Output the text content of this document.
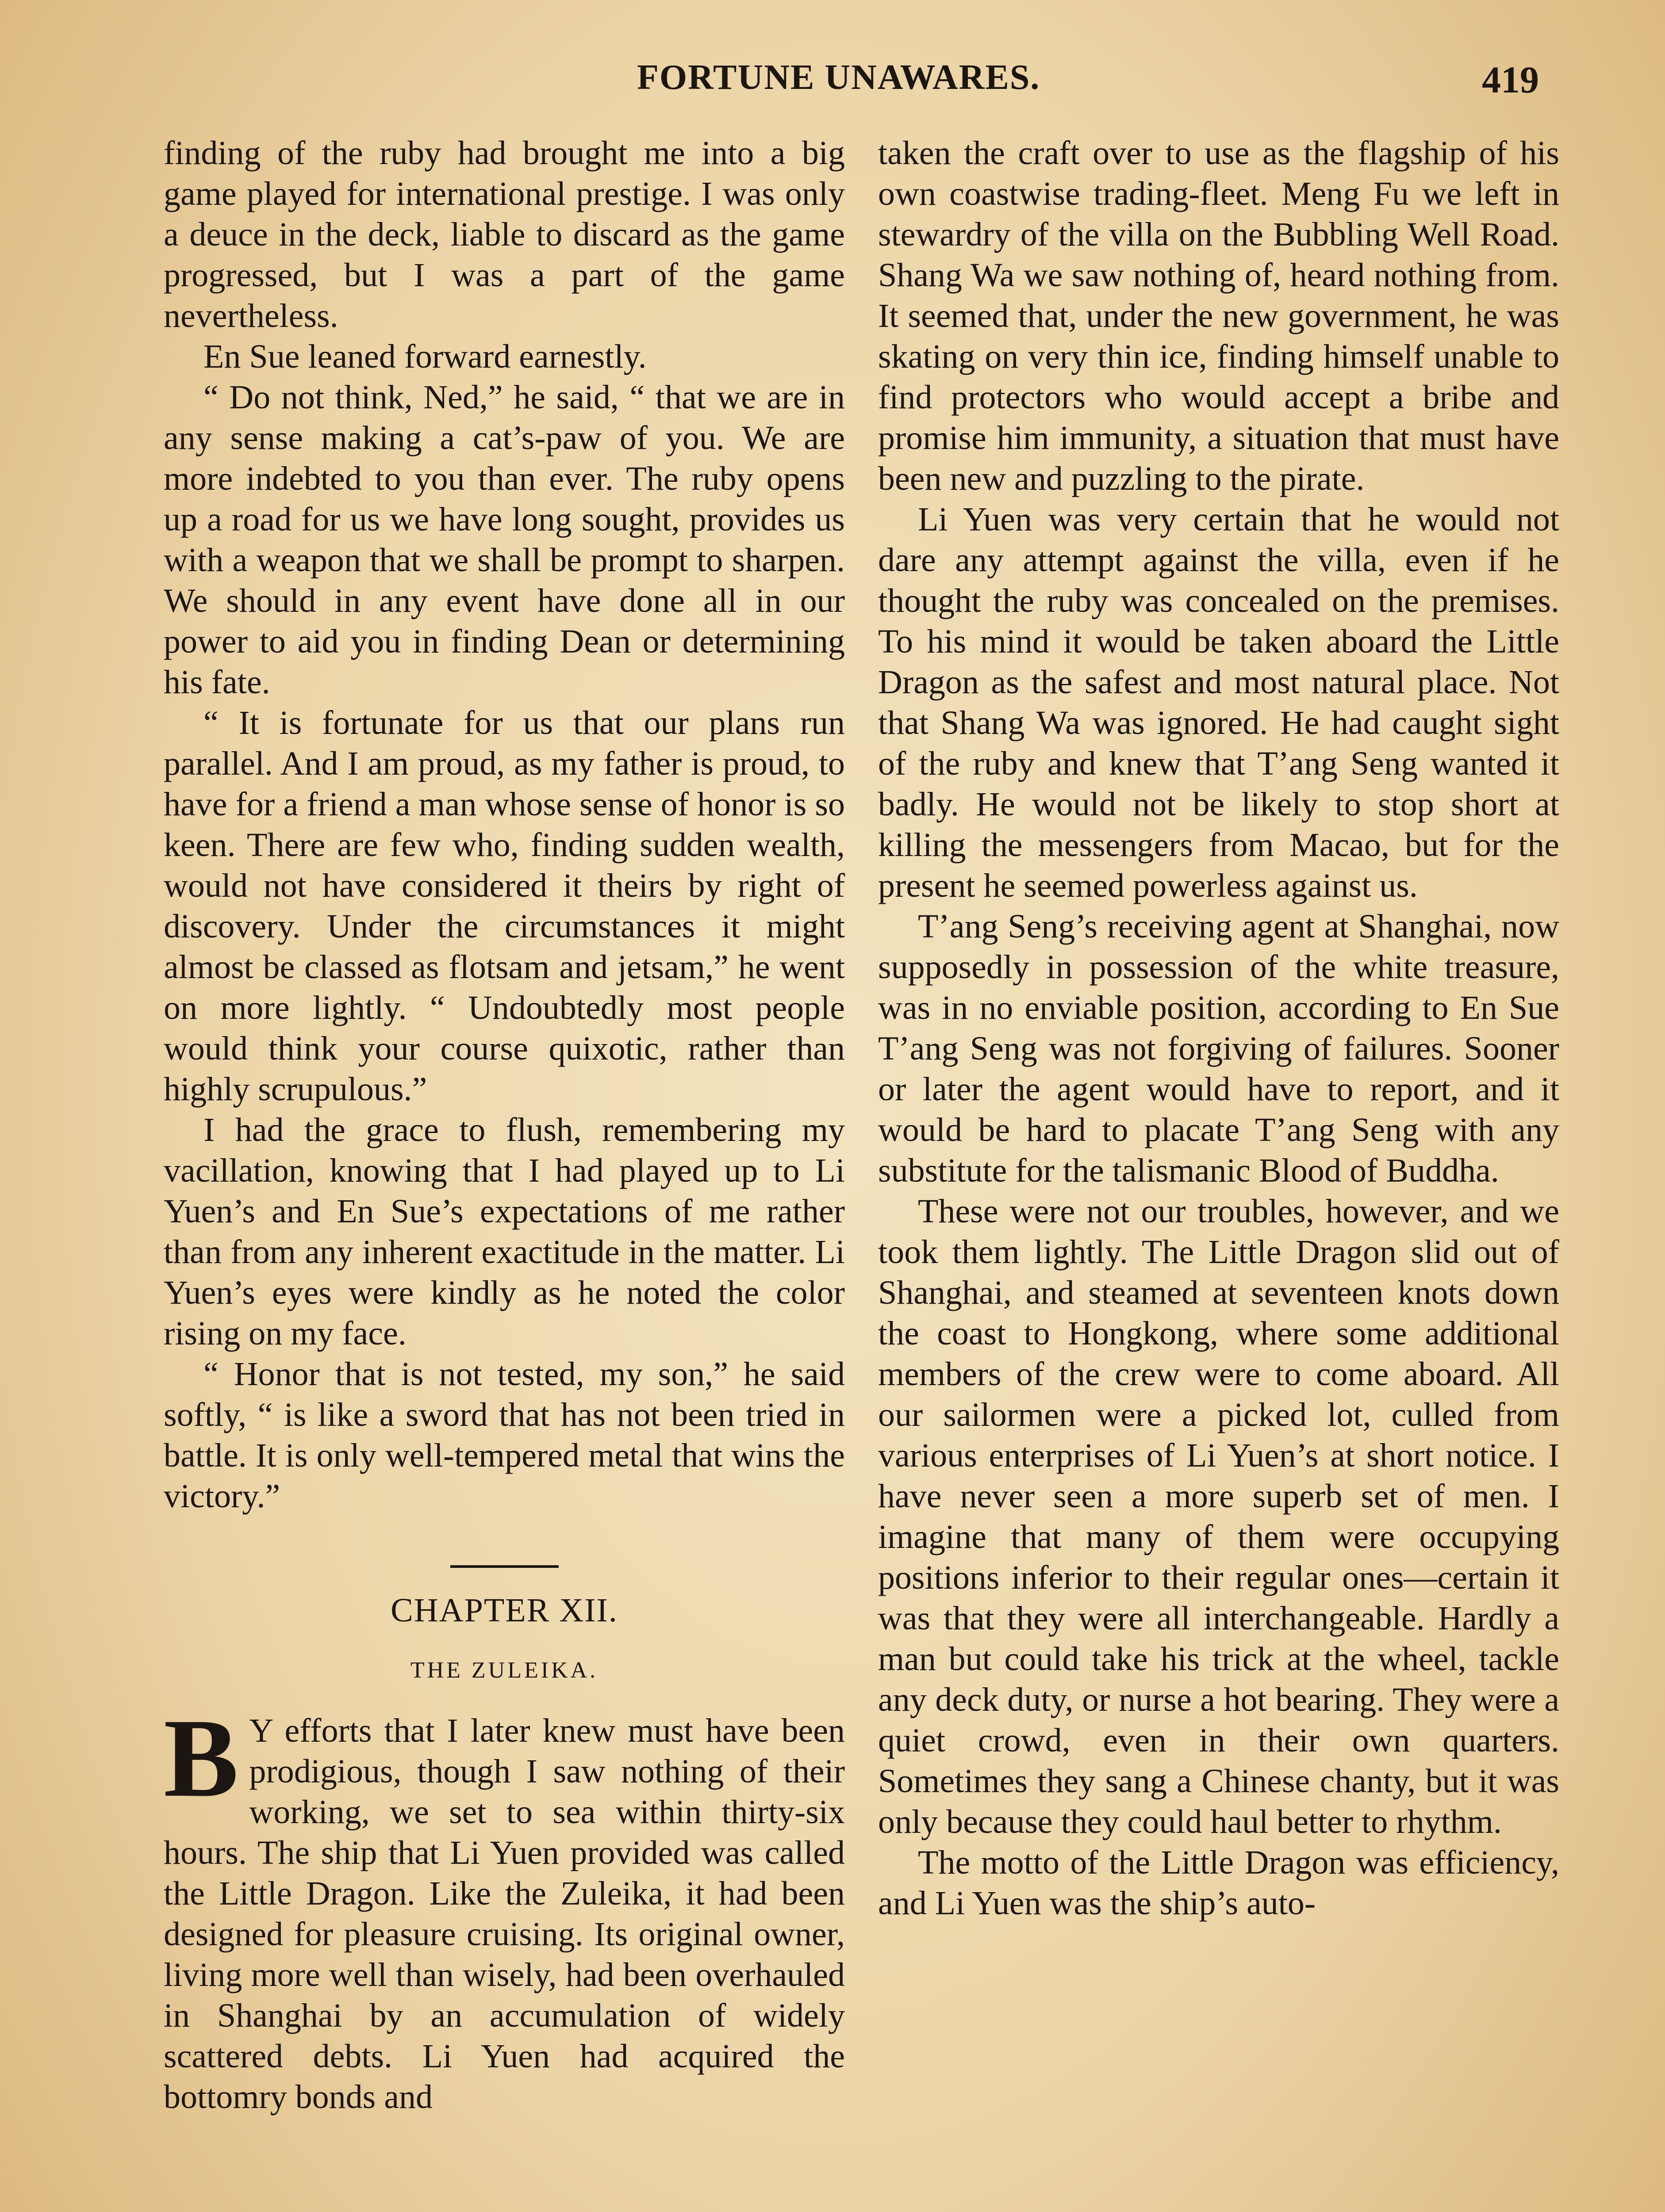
FORTUNE UNAWARES.	419

finding of the ruby had brought me into a big game played for international prestige. I was only a deuce in the deck, liable to discard as the game progressed, but I was a part of the game nevertheless.

En Sue leaned forward earnestly.

“ Do not think, Ned,” he said, “ that we are in any sense making a cat’s-paw of you. We are more indebted to you than ever. The ruby opens up a road for us we have long sought, provides us with a weapon that we shall be prompt to sharpen. We should in any event have done all in our power to aid you in finding Dean or determining his fate.

“ It is fortunate for us that our plans run parallel. And I am proud, as my father is proud, to have for a friend a man whose sense of honor is so keen. There are few who, finding sudden wealth, would not have considered it theirs by right of discovery. Under the circumstances it might almost be classed as flotsam and jetsam,” he went on more lightly. “ Undoubtedly most people would think your course quixotic, rather than highly scrupulous.”

I had the grace to flush, remembering my vacillation, knowing that I had played up to Li Yuen’s and En Sue’s expectations of me rather than from any inherent exactitude in the matter. Li Yuen’s eyes were kindly as he noted the color rising on my face.

“ Honor that is not tested, my son,” he said softly, “ is like a sword that has not been tried in battle. It is only well-tempered metal that wins the victory.”

CHAPTER XII.
THE ZULEIKA.

B Y efforts that I later knew must have been prodigious, though I saw nothing of their working, we set to sea within thirty-six hours. The ship that Li Yuen provided was called the Little Dragon. Like the Zuleika, it had been designed for pleasure cruising. Its original owner, living more well than wisely, had been overhauled in Shanghai by an accumulation of widely scattered debts. Li Yuen had acquired the bottomry bonds and

taken the craft over to use as the flagship of his own coastwise trading-fleet. Meng Fu we left in stewardry of the villa on the Bubbling Well Road. Shang Wa we saw nothing of, heard nothing from. It seemed that, under the new government, he was skating on very thin ice, finding himself unable to find protectors who would accept a bribe and promise him immunity, a situation that must have been new and puzzling to the pirate.

Li Yuen was very certain that he would not dare any attempt against the villa, even if he thought the ruby was concealed on the premises. To his mind it would be taken aboard the Little Dragon as the safest and most natural place. Not that Shang Wa was ignored. He had caught sight of the ruby and knew that T’ang Seng wanted it badly. He would not be likely to stop short at killing the messengers from Macao, but for the present he seemed powerless against us.

T’ang Seng’s receiving agent at Shanghai, now supposedly in possession of the white treasure, was in no enviable position, according to En Sue T’ang Seng was not forgiving of failures. Sooner or later the agent would have to report, and it would be hard to placate T’ang Seng with any substitute for the talismanic Blood of Buddha.

These were not our troubles, however, and we took them lightly. The Little Dragon slid out of Shanghai, and steamed at seventeen knots down the coast to Hongkong, where some additional members of the crew were to come aboard. All our sailormen were a picked lot, culled from various enterprises of Li Yuen’s at short notice. I have never seen a more superb set of men. I imagine that many of them were occupying positions inferior to their regular ones—certain it was that they were all interchangeable. Hardly a man but could take his trick at the wheel, tackle any deck duty, or nurse a hot bearing. They were a quiet crowd, even in their own quarters. Sometimes they sang a Chinese chanty, but it was only because they could haul better to rhythm.

The motto of the Little Dragon was efficiency, and Li Yuen was the ship’s auto-
